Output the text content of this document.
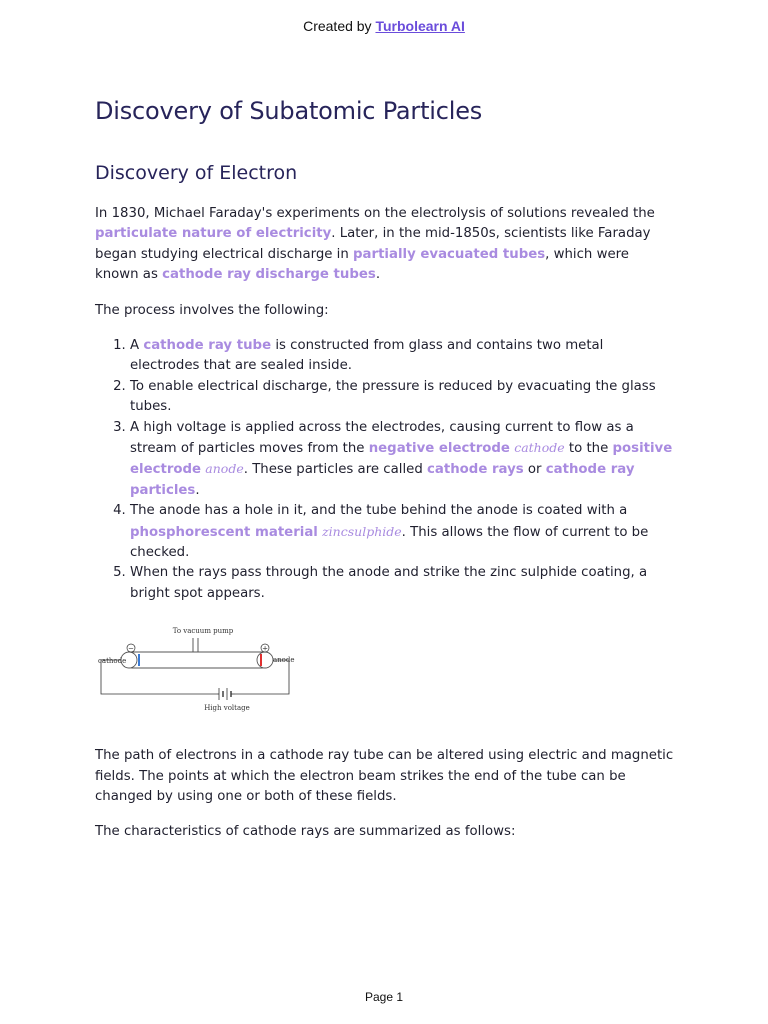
Created by Turbolearn AI
Discovery of Subatomic Particles
Discovery of Electron

In 1830, Michael Faraday's experiments on the electrolysis of solutions revealed the particulate nature of electricity. Later, in the mid-1850s, scientists like Faraday began studying electrical discharge in partially evacuated tubes, which were known as cathode ray discharge tubes.

The process involves the following:

1. A cathode ray tube is constructed from glass and contains two metal electrodes that are sealed inside.
2. To enable electrical discharge, the pressure is reduced by evacuating the glass tubes.
3. A high voltage is applied across the electrodes, causing current to flow as a stream of particles moves from the negative electrode cathode to the positive electrode anode. These particles are called cathode rays or cathode ray particles.
4. The anode has a hole in it, and the tube behind the anode is coated with a phosphorescent material zincsulphide. This allows the flow of current to be checked.
5. When the rays pass through the anode and strike the zinc sulphide coating, a bright spot appears.
To vacuum pump
−	+
cathode	anode
High voltage

The path of electrons in a cathode ray tube can be altered using electric and magnetic fields. The points at which the electron beam strikes the end of the tube can be changed by using one or both of these fields.

The characteristics of cathode rays are summarized as follows:

Page 1
